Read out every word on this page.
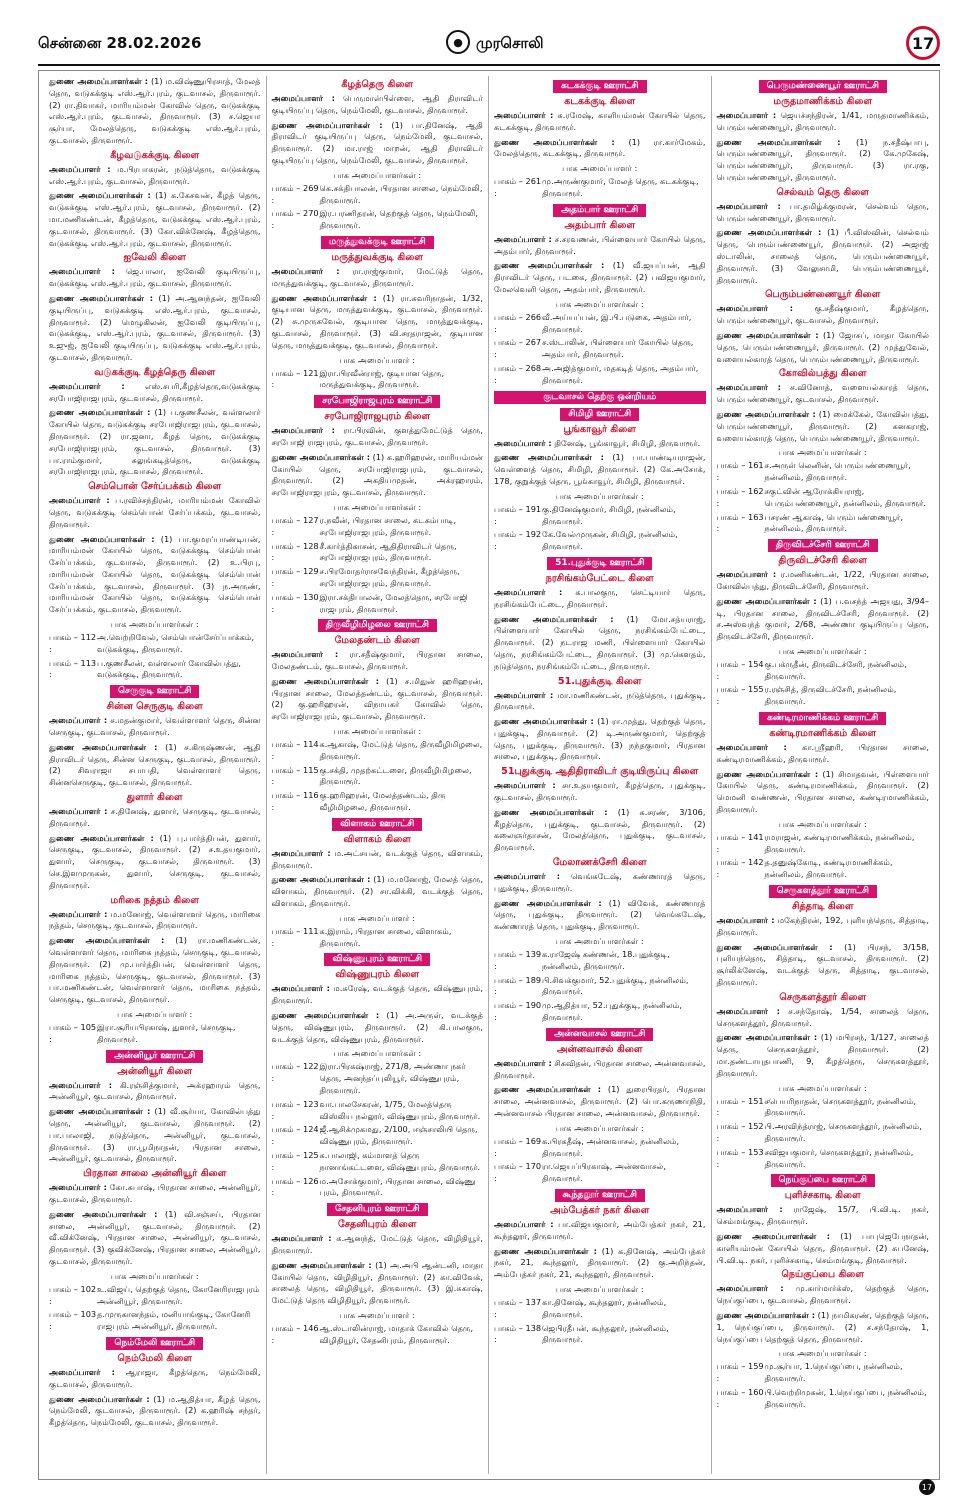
சென்னை 28.02.2026	● முரசொலி	17

துணை அமைப்பாளர்கள் : (1) ம.விஷ்ணுபிரசாத், மேலத் தெரு, வடுகக்குடி எஸ்.ஆர்.புரம், குடவாசல், திருவாரூர். (2) ரா.திவாகர், மாரியம்மன் கோவில் தெரு, வடுகக்குடி எஸ்.ஆர்.புரம், குடவாசல், திருவாரூர். (3) ச.ஜெயா சூர்யா, மேலத்தெரு, வடுகக்குடி எஸ்.ஆர்.புரம், குடவாசல், திருவாரூர்.

கீழவடுகக்குடி கிளை

அமைப்பாளர் : ம.பிரபாகரன், நடுத்தெரு, வடுகக்குடி எஸ்.ஆர்.புரம், குடவாசல், திருவாரூர்.

துணை அமைப்பாளர்கள் : (1) க.கேசவன், கீழத் தெரு, வடுகக்குடி எஸ்.ஆர்.புரம், குடவாசல், திருவாரூர். (2) மா.மணிகண்டன், கீழத்தெரு, வடுகக்குடி எஸ்.ஆர்.புரம், குடவாசல், திருவாரூர். (3) கோ.விக்னேஷ், கீழத்தெரு, வடுகக்குடி எஸ்.ஆர்.புரம், குடவாசல், திருவாரூர்.

ஐவேலி கிளை

அமைப்பாளர் : ஜெ.பாலா, ஐவேலி குடியிருப்பு, வடுகக்குடி எஸ்.ஆர்.புரம், குடவாசல், திருவாரூர்.

துணை அமைப்பாளர்கள் : (1) அ.ஆனந்தன், ஐவேலி குடியிருப்பு, வடுகக்குடி எஸ்.ஆர்.புரம், குடவாசல், திருவாரூர். (2) மெழுகிலன், ஐவேலி குடியிருப்பு, வடுகக்குடி, எஸ்.ஆர்.புரம், குடவாசல், திருவாரூர். (3) உஜுஜ், ஐவேலி குடியிருப்பு, வடுகக்குடி எஸ்.ஆர்.புரம், குடவாசல், திருவாரூர்.

வடுகக்குடி கீழத்தெரு கிளை

அமைப்பாளர் :	எஸ்.சபரி,கீழத்தெரு,வடுகக்குடி சரபோஜிராஜபுரம், குடவாசல், திருவாரூர்.

துணை அமைப்பாளர்கள் : (1) ப.குணசீலன், வள்ளலார் கோயில் தெரு, வடுகக்குடி சரபோஜிராஜபுரம், குடவாசல், திருவாரூர். (2) ரா.ஜனா, கீழத் தெரு, வடுகக்குடி சரபோஜிராஜபுரம், குடவாசல், திருவாரூர். (3) பா.ராம்குமார், சுலுங்கடித்தெரு, வடுகக்குடி சரபோஜிராஜபுரம், குடவாசல், திருவாரூர்.

செம்பொன் சேர்ப்பக்கம் கிளை

அமைப்பாளர் : ப.ரவிச்சந்திரன், மாரியம்மன் கோவில் தெரு, வடுகக்குடி செம்பொன் சேர்ப்பக்கம், குடவாசல், திருவாரூர்.

துணை அமைப்பாளர்கள் : (1) பா.குமரப்பாண்டியன், மாரியம்மன் கோயில் தெரு, வடுகக்குடி செம்பொன் சேர்ப்பக்கம், குடவாசல், திருவாரூர். (2) உ.பிரபு, மாரியம்மன் கோயில் தெரு, வடுகக்குடி செம்பொன் சேர்ப்பக்கம், குடவாசல், திருவாரூர். (3) ந.அருண், மாரியம்மன் கோயில் தெரு, வடுகக்குடி செம்பொன் சேர்ப்பக்கம், குடவாசல், திருவாரூர்.

பாக அமைப்பாளர்கள் :
பாகம் – 112 :
அ.வெற்றிவேல், செம்பொன்சேர்ப்பாக்கம், வடுகக்குடி, திருவாரூர்.
பாகம் – 113 :
ப.குணசீலன், வள்ளலார் கோவில்பத்து, வடுகக்குடி, திருவாரூர்.
செருகுடி ஊராட்சி
சின்ன செருகுடி கிளை

அமைப்பாளர் : ச.மதன்குமார், வெள்ளாளர் தெரு, சின்ன செருகுடி, குடவாசல், திருவாரூர்.

துணை அமைப்பாளர்கள் : (1) ச.கிருஷ்ணன், ஆதி திராவிடர் தெரு, சின்ன செருகுடி, குடவாசல், திருவாரூர். (2) சிவராஜா சபாபதி, வெள்ளாளர் தெரு, சின்னசெருகுடி, குடவாசல், திருவாரூர்.

துளார் கிளை

அமைப்பாளர் : ச.தினேஷ், துளார், செருகுடி, குடவாசல், திருவாரூர்.

துணை அமைப்பாளர்கள் : (1) பு.பார்த்திபன், துளார், செருகுடி, குடவாசல், திருவாரூர். (2) ச.உதயகுமார், துளார், செருகுடி, குடவாசல், திருவாரூர். (3) செ.இளமுருகன், துளார், செருகுடி, குடவாசல், திருவாரூர்.

மரிகை நத்தம் கிளை

அமைப்பாளர் : ம.மனோஜ், வெள்ளாளர் தெரு, மாரிகை நத்தம், செருகுடி, குடவாசல், திருவாரூர்.

துணை அமைப்பாளர்கள் : (1) ரா.மணிகண்டன், வெள்ளாளர் தெரு, மாரிகை நத்தம், செருகுடி, குடவாசல், திருவாரூர். (2) மு.பார்த்திபன், வெள்ளாளர் தெரு, மாரிகை நத்தம், செருகுடி, குடவாசல், திருவாரூர். (3) பா.மணிகண்டன், வெள்ளாளர் தெரு, மாரிகை நத்தம், செருகுடி, குடவாசல், திருவாரூர்.

பாக அமைப்பாளர் :
பாகம் – 105 :
இரா.சூரியபிரகாஷ், துளார், செருகுடி, திருவாரூர்.
அன்னியூர் ஊராட்சி
அன்னியூர் கிளை

அமைப்பாளர் : கி.ரஞ்சித்குமார், அக்ரஹாரம் தெரு, அன்னியூர், குடவாசல், திருவாரூர்.

துணை அமைப்பாளர்கள் : (1) வீ.சூர்யா, கோவில்பத்து தெரு, அன்னியூர், குடவாசல், திருவாரூர். (2) பா.பாலாஜி, நடுத்தெரு, அன்னியூர், குடவாசல், திருவாரூர். (3) ரா.பூமிநாதன், பிரதான சாலை, அன்னியூர், குடவாசல், திருவாரூர்.

பிரதான சாலை அன்னியூர் கிளை

அமைப்பாளர் : கோ.சுபாஷ், பிரதான சாலை, அன்னியூர், குடவாசல், திருவாரூர்.

துணை அமைப்பாளர்கள் : (1) வி.சஞ்சய், பிரதான சாலை, அன்னியூர், குடவாசல், திருவாரூர். (2) வீ.விக்னேஷ், பிரதான சாலை, அன்னியூர், குடவாசல், திருவாரூர். (3) குவிக்னேஷ், பிரதான சாலை, அன்னியூர், குடவாசல், திருவாரூர்.

பாக அமைப்பாளர்கள் :
பாகம் – 102 :
உ.விஜய், தெற்குத் தெரு, கோனேரிராஜபுரம் அன்னியூர், திருவாரூர்.
பாகம் – 103 :
த.முருகானந்தம், மனியாங்குடி, கோனேரி ராஜபுரம் அன்னியூர், திருவாரூர்.
நெம்மேலி ஊராட்சி
நெம்மேலி கிளை

அமைப்பாளர் : ஆராஜா, கீழத்தெரு, நெம்மேலி, குடவாசல், திருவாரூர்.

துணை அமைப்பாளர்கள் : (1) ம.ஆதித்யா, கீழத் தெரு, நெம்மேலி, குடவாசல், திருவாரூர். (2) க.ஹரிஷ் சந்தர், கீழத்தெரு, நெம்மேலி, குடவாசல், திருவாரூர்.

கீழத்தெரு கிளை

அமைப்பாளர் : பெருமாள்பிள்ளை, ஆதி திராவிடர் குடியிருப்பு தெரு, நெம்மேலி, குடவாசல், திருவாரூர்.

துணை அமைப்பாளர்கள் : (1) பா.தினேஷ், ஆதி திராவிடர் குடியிருப்பு தெரு, நெம்மேலி, குடவாசல், திருவாரூர். (2) மா.ராஜ் மாறன், ஆதி திராவிடர் குடியிருப்பு தெரு, நெம்மேலி, குடவாசல், திருவாரூர்.

பாக அமைப்பாளர்கள் :
பாகம் – 269 :
கெ.சக்திபாலன், பிரதான சாலை, நெம்மேலி, திருவாரூர்.
பாகம் – 270 :
இர.பரணிதரன், தெற்குத் தெரு, நெம்மேலி, திருவாரூர்.
மருத்துவக்குடி ஊராட்சி
மருத்துவக்குடி கிளை

அமைப்பாளர் : ரா.ராஜ்குமார், மேட்டுத் தெரு, மருத்துவக்குடி, குடவாசல், திருவாரூர்.

துணை அமைப்பாளர்கள் : (1) ரா.சுவரிநாதன், 1/32, குடியான தெரு, மருத்துவக்குடி, குடவாசல், திருவாரூர். (2) சு.முருகவேல், குடியான தெரு, மருத்துவக்குடி, குடவாசல், திருவாரூர். (3) வி.சரதராஜன், குடியான தெரு, மருத்துவக்குடி, குடவாசல், திருவாரூர்.

பாக அமைப்பாளர் :
பாகம் – 121 :
இரா.பிரவீன்ராஜ், குடியான தெரு, மருத்துவக்குடி, திருவாரூர்.
சரபோஜிராஜபுரம் ஊராட்சி
சரபோஜிராஜபுரம் கிளை

அமைப்பாளர் : ரா.பிரவின், குளத்துமேட்டுத் தெரு, சரபோஜி ராஜபுரம், குடவாசல், திருவாரூர்.

துணை அமைப்பாளர்கள் : (1) க.ஹரிஹரன், மாரியம்மன் கோயில் தெரு, சரபோஜிராஜபுரம், குடவாசல், திருவாரூர். (2) அகதியமுதன், அக்ரஹாரம், சரபோஜிராஜபுரம், குடவாசல், திருவாரூர்.

பாக அமைப்பாளர்கள் :
பாகம் – 127 :
ர.நவீன், பிரதான சாலை, கடகம்பாடி, சரபோஜிராஜபுரம், திருவாரூர்.
பாகம் – 128 :
சீ.கார்த்திகாசன், ஆதிதிராவிடர் தெரு, சரபோஜிராஜபுரம், திருவாரூர்.
பாகம் – 129 :
ச.பிரமோதர்ராசவேந்திரன், கீழத்தெரு, சரபோஜிராஜபுரம், திருவாரூர்.
பாகம் – 130 :
இரா.சக்திபாலன், மேலத்தெரு, சரபோஜி ராஜபுரம், திருவாரூர்.
திருவீழிமிழலை ஊராட்சி
மேலதண்டம் கிளை

அமைப்பாளர் : ரா.சதீஷ்குமார், பிரதான சாலை, மேலதண்டம், குடவாசல், திருவாரூர்.

துணை அமைப்பாளர்கள் : (1) ச.மிதுன் ஹரிஹரன், பிரதான சாலை, மேலத்தண்டம், குடவாசல், திருவாரூர். (2) கு.ஹரிஹரன், விநாயகர் கோவில் தெரு, சரபோஜிராஜபுரம், குடவாசல், திருவாரூர்.

பாக அமைப்பாளர்கள் :
பாகம் – 114 :
க.ஆகாஷ், மேட்டுத் தெரு, திருவீழிமிழலை, திருவாரூர்.
பாகம் – 115 :
கு.சக்தி, முதற்கட்டளை, திருவீழிமிழலை, திருவாரூர்.
பாகம் – 116 :
கு.ஹரிஹரன், மேலத்தண்டம், திரு வீழிமிழலை, திருவாரூர்.
விளாகம் ஊராட்சி
விளாகம் கிளை

அமைப்பாளர் : ம.அட்சயன், வடக்குத் தெரு, விளாகம், திருவாரூர்.

துணை அமைப்பாளர்கள் : (1) ம.மனோஜ், மேலத் தெரு, விளாகம், திருவாரூர். (2) சா.விக்கி, வடக்குத் தெரு, விளாகம், திருவாரூர்.

பாக அமைப்பாளர் :
பாகம் – 111 :
க.இராம், பிரதான சாலை, விளாகம், திருவாரூர்.
விஷ்ணுபுரம் ஊராட்சி
விஷ்ணுபுரம் கிளை

அமைப்பாளர் : ம.சுரேஷ், வடக்குத் தெரு, விஷ்ணுபுரம், திருவாரூர்.

துணை அமைப்பாளர்கள் : (1) அ.அருள், வடக்குத் தெரு, விஷ்ணுபுரம், திருவாரூர். (2) கி.பாலகுரு, வடக்குத் தெரு, விஷ்ணுபுரம், திருவாரூர்.

பாக அமைப்பாளர்கள் :
பாகம் – 122 :
இரா.பிரகஷ்ராஜ், 271/8, அண்ணா நகர் தெரு, அனந்தப்புலியூர், விஷ்ணுபுரம், திருவாரூர்.
பாகம் – 123 :
வா.பாலசேகரன், 1/75, மேலத்தெரு விஸ்லிய நல்லூர், விஷ்ணுபுரம், திருவாரூர்.
பாகம் – 124 :
ஜீ.ஆசிக்முகமது, 2/100, ஈஞ்சாலியி தெரு, விஷ்ணுபுரம், திருவாரூர்.
பாகம் – 125 :
க.பாலாஜி, கம்மாளத் தெரு நானாங்கட்டளை, விஷ்ணுபுரம், திருவாரூர்.
பாகம் – 126 :
ம.அசோக்குமார், பிரதான சாலை, விஷ்ணு புரம், திருவாரூர்.
சேதனிபுரம் ஊராட்சி
சேதனிபுரம் கிளை

அமைப்பாளர் : க.ஆனந்த், மேட்டுத் தெரு, விழிதியூர், திருவாரூர்.

துணை அமைப்பாளர்கள் : (1) அ.அபி ஆன்டனி, மாதா கோயில் தெரு, விழிதியூர், திருவாரூர். (2) கா.விவேக், சாலைத் தெரு, விழிதியூர், திருவாரூர். (3) இ.சுகாஷ், மேட்டுத் தெரு விழிதியூர், திருவாரூர்.

பாக அமைப்பாளர் :
பாகம் – 146 :
ஆ.ஸ்டாலின்ராஜ், மாதாக் கோவில் தெரு, விழிதியூர், சேதனிபுரம், திருவாரூர்.
கடகக்குடி ஊராட்சி
கடகக்குடி கிளை

அமைப்பாளர் : க.ரமேஷ், காளியம்மன் கோயில் தெரு, கடகக்குடி, திருவாரூர்.

துணை அமைப்பாளர்கள் : (1) ரா.கார்மேகம், மேலத்தெரு, கடகக்குடி, திருவாரூர்.

பாக அமைப்பாளர் :
பாகம் – 261 :
மு.அருண்குமார், மேலத் தெரு, கடகக்குடி, திருவாரூர்.
அதம்பார் ஊராட்சி
அதம்பார் கிளை

அமைப்பாளர் : ச.சரவணன், பிள்ளையார் கோயில் தெரு, அதம்பார், திருவாரூர்.

துணை அமைப்பாளர்கள் : (1) வீ.ஜயப்பன், ஆதி திராவிடர் தெரு, படகை, திருவாரூர். (2) பவிஜயகுமார், மேலவெளி தெரு, அதம்பார், திருவாரூர்.

பாக அமைப்பாளர்கள் :
பாகம் – 266 :
வீ.அய்யப்பன், இ.பி.படுகை, அதம்பார், திருவாரூர்.
பாகம் – 267 :
ச.ஸ்டாலின், பிள்ளையார் கோயில் தெரு, அதம்பார், திருவாரூர்.
பாகம் – 268 :
அ.அஜித்குமார், மதகடித் தெரு, அதம்பார், திருவாரூர்.
குடவாசல் தெற்கு ஒன்றியம்
சிமிழி ஊராட்சி
பூங்காவூர் கிளை

அமைப்பாளர் : தினேஷ், பூங்காவூர், சிமிழி, திருவாரூர்.

துணை அமைப்பாளர்கள் : (1) பா.பாண்டியராஜன், வெள்ளைத் தெரு, சிமிழி, திருவாரூர். (2) கே.அசோக், 178, குறுக்குத் தெரு, பூங்காவூர், சிமிழி, திருவாரூர்.

பாக அமைப்பாளர்கள் :
பாகம் – 191 :
கு.தினேஷ்குமார், சிமிழி, நன்னிலம், திருவாரூர்.
பாகம் – 192 :
கே.வேல்முருகன், சிமிழி, நன்னிலம், திருவாரூர்.
51.புதுக்குடி ஊராட்சி
நரசிங்கம்பேட்டை கிளை

அமைப்பாளர் : க.பாலகுரு, செட்டியார் தெரு, நரசிங்கம்பேட்டை, திருவாரூர்.

துணை அமைப்பாளர்கள் : (1) மோ.சத்யராஜ், பிள்ளையார் கோயில் தெரு, நரசிங்கம்பேட்டை, திருவாரூர். (2) நடராஜ மணி, பிள்ளையார் கோயில் தெரு, நரசிங்கம்பேட்டை, திருவாரூர். (3) மு.கௌதம், நடுத்தெரு, நரசிங்கம்பேட்டை, திருவாரூர்.

51.புதுக்குடி கிளை

அமைப்பாளர் : மா.மணிகண்டன், நடுத்தெரு, புதுக்குடி, திருவாரூர்.

துணை அமைப்பாளர்கள் : (1) ரா.முத்து, தெற்குத் தெரு, புதுக்குடி, திருவாரூர். (2) டி.அருண்குமார், தெற்குத் தெரு, புதுக்குடி, திருவாரூர். (3) நந்தகுமார், பிரதான சாலை, புதுக்குடி, திருவாரூர்.

51புதுக்குடி ஆதிதிராவிடர் குடியிருப்பு கிளை

அமைப்பாளர் : சா.உதயகுமார், கீழத்தெரு, புதுக்குடி, குடவாசல், திருவாரூர்.

துணை அமைப்பாளர்கள் : (1) க.சரண், 3/106, கீழத்தெரு, புதுக்குடி, குடவாசல், திருவாரூர். (2) கலைஞர்தாசன், மேலத்தெரு, புதுக்குடி, குடவாசல், திருவாரூர்.

மேலாணக்சேரி கிளை

அமைப்பாளர் : வெங்கடேஷ், கண்ணாரத் தெரு, புதுக்குடி, திருவாரூர்.

துணை அமைப்பாளர்கள் : (1) விவேக், கண்ணாரத் தெரு, புதுக்குடி, திருவாரூர். (2) வெங்கடேஷ், கண்ணாரத் தெரு, புதுக்குடி, திருவாரூர்.

பாக அமைப்பாளர்கள் :
பாகம் – 139 :
க.ராஜேஷ் கண்ணன், 18.புதுக்குடி, நன்னிலம், திருவாரூர்.
பாகம் – 189 :
பி.சிவக்குமார், 52.புதுக்குடி, நன்னிலம், திருவாரூர்.
பாகம் – 190 :
மு.ஆதித்யா, 52.புதுக்குடி, நன்னிலம், திருவாரூர்.
அன்னவாசல் ஊராட்சி
அன்னவாசல் கிளை

அமைப்பாளர் : சிகவிதன், பிரதான சாலை, அன்னவாசல், திருவாரூர்.

துணை அமைப்பாளர்கள் : (1) துரைபிரதர், பிரதான சாலை, அன்னவாசல், திருவாரூர். (2) பொ.கருணாநிதி, அன்னவாசல் பிரதான சாலை, அன்னவாசல், திருவாரூர்.

பாக அமைப்பாளர்கள் :
பாகம் – 169 :
க.பிரகதீஷ், அன்னவாசல், நன்னிலம், திருவாரூர்.
பாகம் – 170 :
ரா.ஜெயப்பிரகாஷ், அன்னவாசல், திருவாரூர்.
கூந்தலூர் ஊராட்சி
அம்பேத்கர் நகர் கிளை

அமைப்பாளர் : பா.விஜயகுமார், அம்பேத்கர் நகர், 21, கூந்தலூர், திருவாரூர்.

துணை அமைப்பாளர்கள் : (1) க.தினேஷ், அம்பேத்கர் நகர், 21, கூந்தலூர், திருவாரூர். (2) கு.அறிந்தன், அம்பேத்கர் நகர், 21, கூந்தலூர், திருவாரூர்.

பாக அமைப்பாளர்கள் :
பாகம் – 137 :
கா.தினேஷ், கூந்தலூர், நன்னிலம், திருவாரூர்.
பாகம் – 138 :
ஜெபிரதீபன், கூந்தலூர், நன்னிலம், திருவாரூர்.
பெருமண்ணையூர் ஊராட்சி
மருதமாணிக்கம் கிளை

அமைப்பாளர் : ஜெயச்சந்திரன், 1/41, மருதமாணிக்கம், பெரும்பண்ணையூர், திருவாரூர்.

துணை அமைப்பாளர்கள் : (1) ந.சதீஷ்பாபு, பெரும்பண்ணையூர், திருவாரூர். (2) கே.முகேஷ், பெரும்பண்ணையூர், திருவாரூர். (3) ரா.ரகு, பெரும்பண்ணையூர், திருவாரூர்.

செல்வம் தெரு கிளை

அமைப்பாளர் : பா.தமிழ்க்குமரன், செல்வம் தெரு, பெரும்பண்ணையூர், திருவாரூர்.

துணை அமைப்பாளர்கள் : (1) பீ.விஸ்வின், செல்வம் தெரு, பெரும்பண்ணையூர், திருவாரூர். (2) அஜாஜ் ஸ்டாலின், சாலைத் தெரு, பெரும்பண்ணையூர், திருவாரூர். (3) வேலுசாமி, பெரும்பண்ணையூர், திருவாரூர்.

பெரும்பண்ணையூர் கிளை

அமைப்பாளர் :	கு.சதீஷ்குமார், கீழத்தெரு, பெரும்பண்ணையூர், குடவாசல், திருவாரூர்.

துணை அமைப்பாளர்கள் : (1) ஜோசப், மாதா கோயில் தெரு, பெரும்பண்ணையூர், திருவாரூர். (2) முத்துவேல், வளையல்காரத் தெரு, பெரும்பண்ணையூர், திருவாரூர்.

கோவில்பத்து கிளை

அமைப்பாளர் : ச.வினோத், வளையல்காரத் தெரு, பெரும்பண்ணையூர், குடவாசல், திருவாரூர்.

துணை அமைப்பாளர்கள் : (1) மைக்கேல், கோவில்பத்து, பெரும்பண்ணையூர், திருவாரூர். (2) கனகராஜ், வளையல்காரத் தெரு, பெரும்பண்ணையூர், திருவாரூர்.

பாக அமைப்பாளர்கள் :
பாகம் – 161 :
ச.அருள் லெனின், பெரும்பண்ணையூர், நன்னிலம், திருவாரூர்.
பாகம் – 162 :
சகுட்வின் ஆரோக்கியராஜ், பெரும்பண்ணையூர், நன்னிலம், திருவாரூர்.
பாகம் – 163 :
பசரண் ஆகாஷ், பெரும்பண்ணையூர், நன்னிலம், திருவாரூர்.
திருவிடச்சேரி ஊராட்சி
திருவிடச்சேரி கிளை

அமைப்பாளர் : ர.மணிகண்டன், 1/22, பிரதான சாலை, கோவில்பத்து, திருவிடச்சேரி, திருவாரூர்.

துணை அமைப்பாளர்கள் : (1) ப.வசந்த் அஜயது, 3/94–டி, பிரதான சாலை, திருவிடச்சேரி, திருவாரூர். (2) ச.அஸ்வந்த் குமார், 2/68, அண்ணா குடியிருப்பு தெரு, திருவிடச்சேரி, திருவாரூர்.

பாக அமைப்பாளர்கள் :
பாகம் – 154 :
கு.பக்ருதீன், திருவிடச்சேரி, நன்னிலம், திருவாரூர்.
பாகம் – 155 :
ர.ரஞ்சித், திருவிடச்சேரி, நன்னிலம், திருவாரூர்.
கண்டிரமாணிக்கம் ஊராட்சி
கண்டிரமாணிக்கம் கிளை

அமைப்பாளர் : கா.ஸ்ரீஹரி, பிரதான சாலை, கண்டிரமாணிக்கம், திருவாரூர்.

துணை அமைப்பாளர்கள் : (1) சிமாதவன், பிள்ளையார் கோயில் தெரு, கண்டிரமாணிக்கம், திருவாரூர். (2) மெமனி வண்ணன், பிரதான சாலை, கண்டிரமாணிக்கம், திருவாரூர்.

பாக அமைப்பாளர்கள் :
பாகம் – 141 :
ரமராஜன், கண்டிரமாணிக்கம், நன்னிலம், திருவாரூர்.
பாகம் – 142 :
த.தனுஷ்கோடி, கண்டிரமாணிக்கம், நன்னிலம், திருவாரூர்.
செருகளத்தூர் ஊராட்சி
சித்தாடி கிளை

அமைப்பாளர் : மகேந்திரன், 192, புளியந்தெரு, சித்தாடி, திருவாரூர்.

துணை அமைப்பாளர்கள் : (1) பிரசந், 3/158, புளியந்தெரு, சித்தாடி, குடவாசல், திருவாரூர். (2) சூர்லிக்னேஷ், வடக்குத் தெரு, சித்தாடி, குடவாசல், திருவாரூர்.

செருகளத்தூர் கிளை

அமைப்பாளர் : ச.சந்தோஷ், 1/54, சாலைத் தெரு, செருகளத்தூர், திருவாரூர்.

துணை அமைப்பாளர்கள் : (1) மபிரசந், 1/127, சாலைத் தெரு, செருகளத்தூர், திருவாரூர். (2) மா.தண்டாயுதபாணி, 9, கீழத்தெரு, செருகளத்தூர், திருவாரூர்.

பாக அமைப்பாளர்கள் :
பாகம் – 151 :
சபெயரிநாதன், செருகளத்தூர், நன்னிலம், திருவாரூர்.
பாகம் – 152 :
பி.அரவிந்த்ராஜ், செருகளத்தூர், நன்னிலம், திருவாரூர்.
பாகம் – 153 :
சவிஜயகுமார், செருகளத்தூர், நன்னிலம், திருவாரூர்.
நெய்குப்பை ஊராட்சி
புளிச்சகாடி கிளை

அமைப்பாளர் : ராஜேஷ், 15/7, பி.வி.டி. நகர், செம்மங்குடி, திருவாரூர்.

துணை அமைப்பாளர்கள் : (1) பாபுஜெபேநாதன், காளியம்மன் கோயில் தெரு, திருவாரூர். (2) சுபனேஷ், பி.வி.டி. நகர், புளிச்சகாடி, செம்மங்குடி, திருவாரூர்.

நெய்குப்பை கிளை

அமைப்பாளர் : மு.கார்மார்க்ஸ், தெற்குத் தெரு, நெய்குப்பை, குடவாசல், திருவாரூர்.

துணை அமைப்பாளர்கள் : (1) நாமிகரண், தெற்குத் தெரு, 1, நெய்குப்பை, திருவாரூர். (2) ச.சந்தோஷ், 1, நெய்குப்பை தெற்குத் தெரு, திருவாரூர்.

பாக அமைப்பாளர்கள் :
பாகம் – 159 :
மு.சூர்யா, 1.நெய்குப்பை, நன்னிலம், திருவாரூர்.
பாகம் – 160 :
பி.வெற்றிமுகன், 1.நெய்குப்பை, நன்னிலம், திருவாரூர்.
17
